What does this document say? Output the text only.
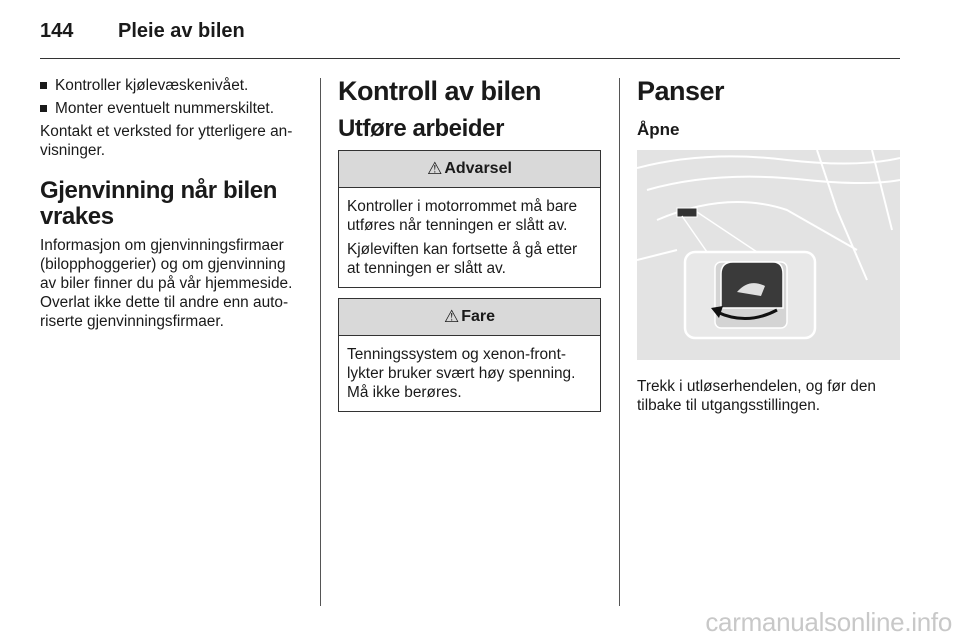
144 Pleie av bilen

Kontroller kjølevæskenivået.

Monter eventuelt nummerskiltet.

Kontakt et verksted for ytterligere an-
visninger.

Gjenvinning når bilen vrakes

Informasjon om gjenvinningsfirmaer (bilopphoggerier) og om gjenvinning av biler finner du på vår hjemmeside. Overlat ikke dette til andre enn auto-riserte gjenvinningsfirmaer.

Kontroll av bilen
Utføre arbeider
⚠ Advarsel

Kontroller i motorrommet må bare utføres når tenningen er slått av.

Kjøleviften kan fortsette å gå etter at tenningen er slått av.

⚠ Fare

Tenningssystem og xenon-front-lykter bruker svært høy spenning. Må ikke berøres.

Panser
Åpne

Trekk i utløserhendelen, og før den tilbake til utgangsstillingen.

carmanualsonline.info
